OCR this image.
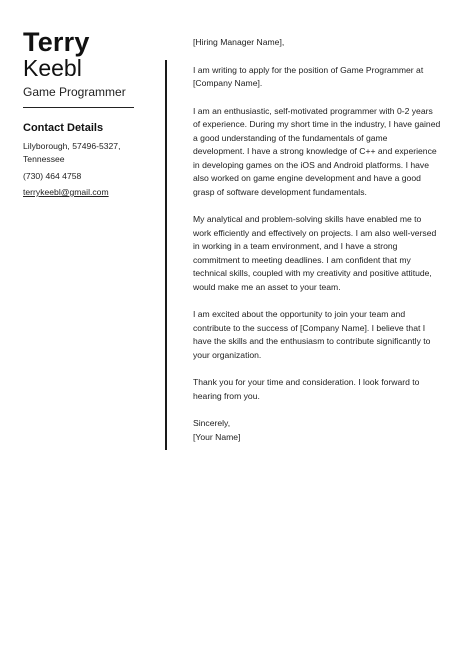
Terry
Keebl
Game Programmer
Contact Details
Lilyborough, 57496-5327, Tennessee
(730) 464 4758
terrykeebl@gmail.com

[Hiring Manager Name],

I am writing to apply for the position of Game Programmer at [Company Name].

I am an enthusiastic, self-motivated programmer with 0-2 years of experience. During my short time in the industry, I have gained a good understanding of the fundamentals of game development. I have a strong knowledge of C++ and experience in developing games on the iOS and Android platforms. I have also worked on game engine development and have a good grasp of software development fundamentals.

My analytical and problem-solving skills have enabled me to work efficiently and effectively on projects. I am also well-versed in working in a team environment, and I have a strong commitment to meeting deadlines. I am confident that my technical skills, coupled with my creativity and positive attitude, would make me an asset to your team.

I am excited about the opportunity to join your team and contribute to the success of [Company Name]. I believe that I have the skills and the enthusiasm to contribute significantly to your organization.

Thank you for your time and consideration. I look forward to hearing from you.

Sincerely,

[Your Name]
